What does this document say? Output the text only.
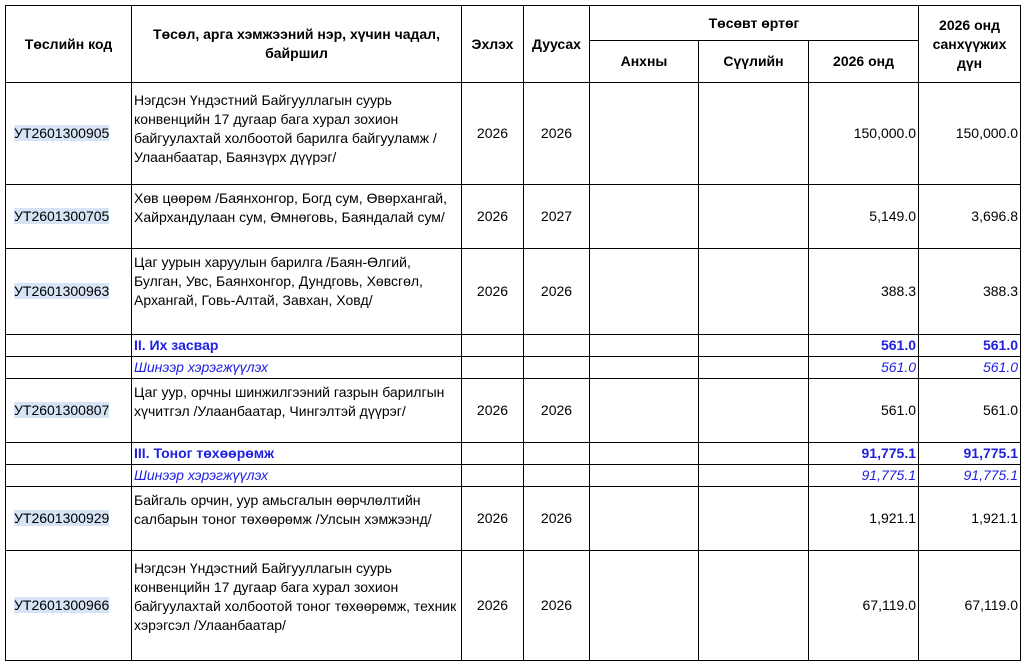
Төслийн код	Төсөл, арга хэмжээний нэр, хүчин чадал, байршил	Эхлэх	Дуусах	Төсөвт өртөг			2026 онд санхүүжих дүн
				Анхны	Сүүлийн	2026 онд	
УТ2601300905	Нэгдсэн Үндэстний Байгууллагын суурь конвенцийн 17 дугаар бага хурал зохион байгуулахтай холбоотой барилга байгууламж /Улаанбаатар, Баянзүрх дүүрэг/	2026	2026			150,000.0	150,000.0
УТ2601300705	Хөв цөөрөм /Баянхонгор, Богд сум, Өвөрхангай, Хайрхандулаан сум, Өмнөговь, Баяндалай сум/	2026	2027			5,149.0	3,696.8
УТ2601300963	Цаг уурын харуулын барилга /Баян-Өлгий, Булган, Увс, Баянхонгор, Дундговь, Хөвсгөл, Архангай, Говь-Алтай, Завхан, Ховд/	2026	2026			388.3	388.3
	II. Их засвар					561.0	561.0
	Шинээр хэрэгжүүлэх					561.0	561.0
УТ2601300807	Цаг уур, орчны шинжилгээний газрын барилгын хүчитгэл /Улаанбаатар, Чингэлтэй дүүрэг/	2026	2026			561.0	561.0
	III. Тоног төхөөрөмж					91,775.1	91,775.1
	Шинээр хэрэгжүүлэх					91,775.1	91,775.1
УТ2601300929	Байгаль орчин, уур амьсгалын өөрчлөлтийн салбарын тоног төхөөрөмж /Улсын хэмжээнд/	2026	2026			1,921.1	1,921.1
УТ2601300966	Нэгдсэн Үндэстний Байгууллагын суурь конвенцийн 17 дугаар бага хурал зохион байгуулахтай холбоотой тоног төхөөрөмж, техник хэрэгсэл /Улаанбаатар/	2026	2026			67,119.0	67,119.0
